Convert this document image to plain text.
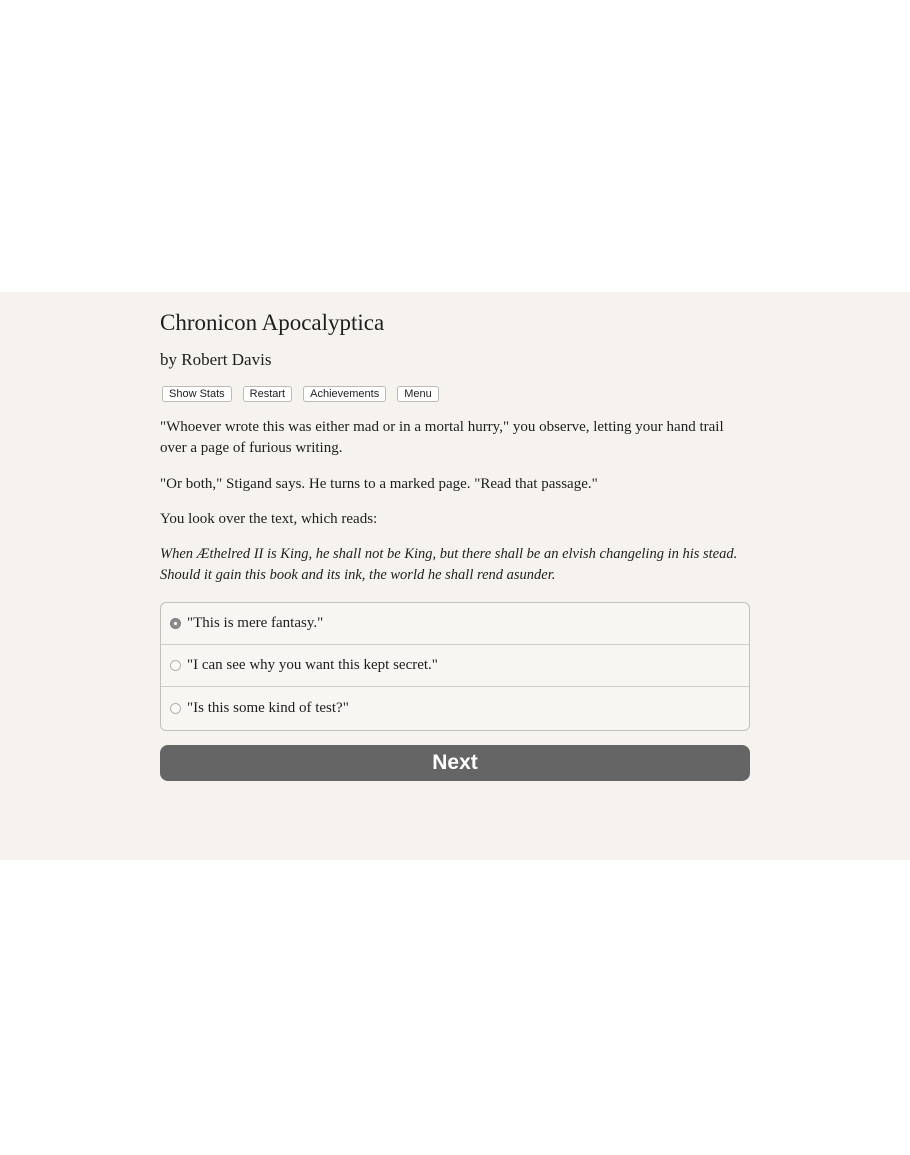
Chronicon Apocalyptica

by Robert Davis

Show Stats	Restart	Achievements	Menu

"Whoever wrote this was either mad or in a mortal hurry," you observe, letting your hand trail over a page of furious writing.

"Or both," Stigand says. He turns to a marked page. "Read that passage."

You look over the text, which reads:

When Æthelred II is King, he shall not be King, but there shall be an elvish changeling in his stead. Should it gain this book and its ink, the world he shall rend asunder.

"This is mere fantasy."
"I can see why you want this kept secret."
"Is this some kind of test?"
Next
